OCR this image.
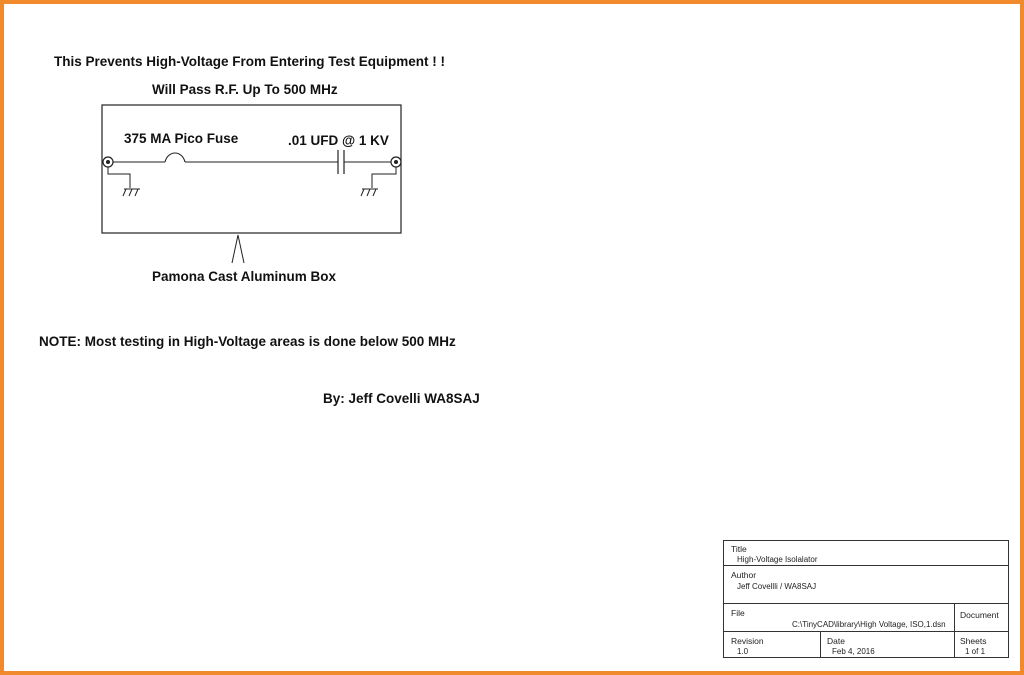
This Prevents High-Voltage From Entering Test Equipment ! !
Will Pass R.F. Up To 500 MHz
375 MA Pico Fuse	.01 UFD @ 1 KV
Pamona Cast Aluminum Box
NOTE: Most testing in High-Voltage areas is done below 500 MHz
By: Jeff Covelli WA8SAJ
Title
High-Voltage Isolalator
Author
Jeff Covellli / WA8SAJ
File
C:\TinyCAD\library\High Voltage, ISO,1.dsn
Document
Revision
1.0
Date
Feb 4, 2016
Sheets
1 of 1
